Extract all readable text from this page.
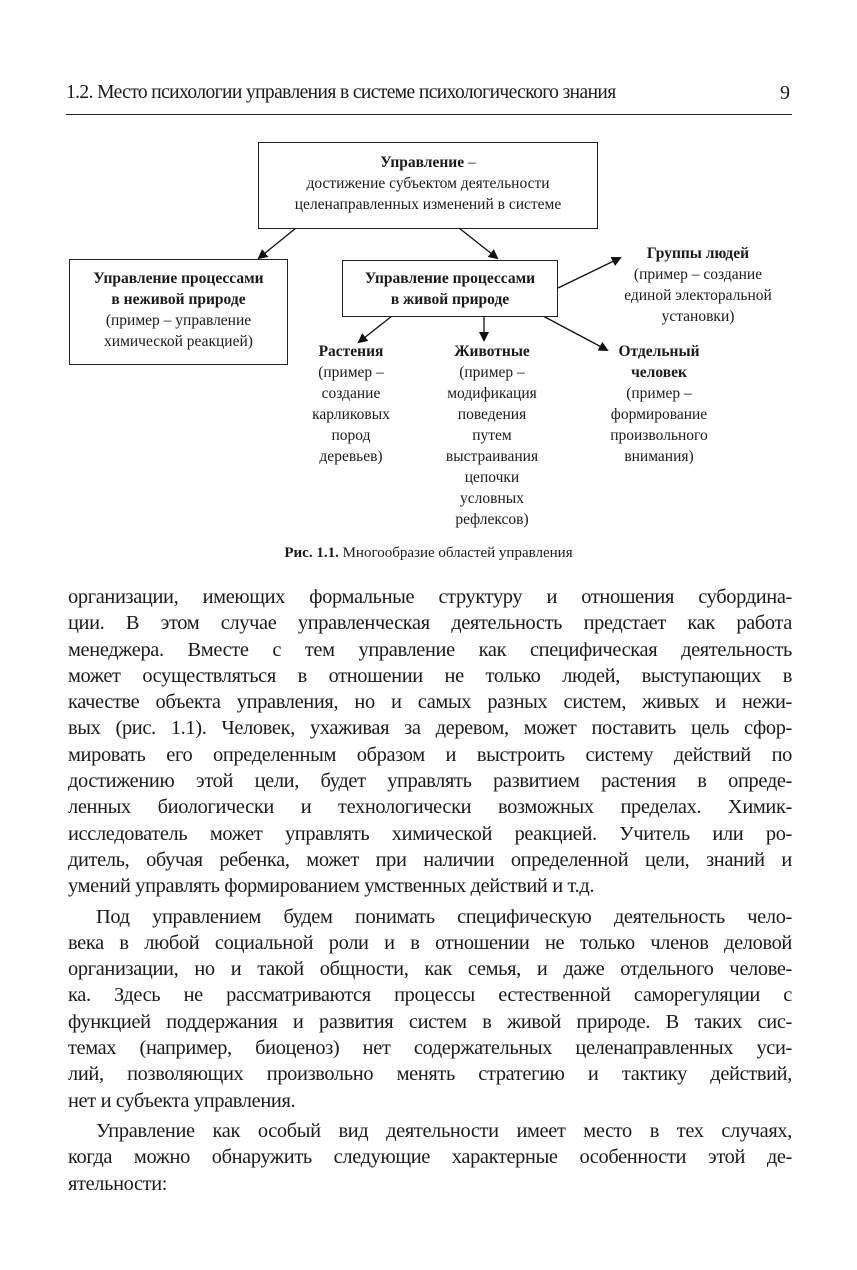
1.2. Место психологии управления в системе психологического знания	9
Управление –
достижение субъектом деятельности
целенаправленных изменений в системе
Управление процессами
в неживой природе
(пример – управление
химической реакцией)
Управление процессами
в живой природе
Группы людей
(пример – создание
единой электоральной
установки)
Растения
(пример –
создание
карликовых
пород
деревьев)
Животные
(пример –
модификация
поведения
путем
выстраивания
цепочки
условных
рефлексов)
Отдельный
человек
(пример –
формирование
произвольного
внимания)
Рис. 1.1. Многообразие областей управления

организации, имеющих формальные структуру и отношения субордина-
ции. В этом случае управленческая деятельность предстает как работа
менеджера. Вместе с тем управление как специфическая деятельность
может осуществляться в отношении не только людей, выступающих в
качестве объекта управления, но и самых разных систем, живых и нежи-
вых (рис. 1.1). Человек, ухаживая за деревом, может поставить цель сфор-
мировать его определенным образом и выстроить систему действий по
достижению этой цели, будет управлять развитием растения в опреде-
ленных биологически и технологически возможных пределах. Химик-
исследователь может управлять химической реакцией. Учитель или ро-
дитель, обучая ребенка, может при наличии определенной цели, знаний и
умений управлять формированием умственных действий и т.д.

Под управлением будем понимать специфическую деятельность чело-
века в любой социальной роли и в отношении не только членов деловой
организации, но и такой общности, как семья, и даже отдельного челове-
ка. Здесь не рассматриваются процессы естественной саморегуляции с
функцией поддержания и развития систем в живой природе. В таких сис-
темах (например, биоценоз) нет содержательных целенаправленных уси-
лий, позволяющих произвольно менять стратегию и тактику действий,
нет и субъекта управления.

Управление как особый вид деятельности имеет место в тех случаях,
когда можно обнаружить следующие характерные особенности этой де-
ятельности:
